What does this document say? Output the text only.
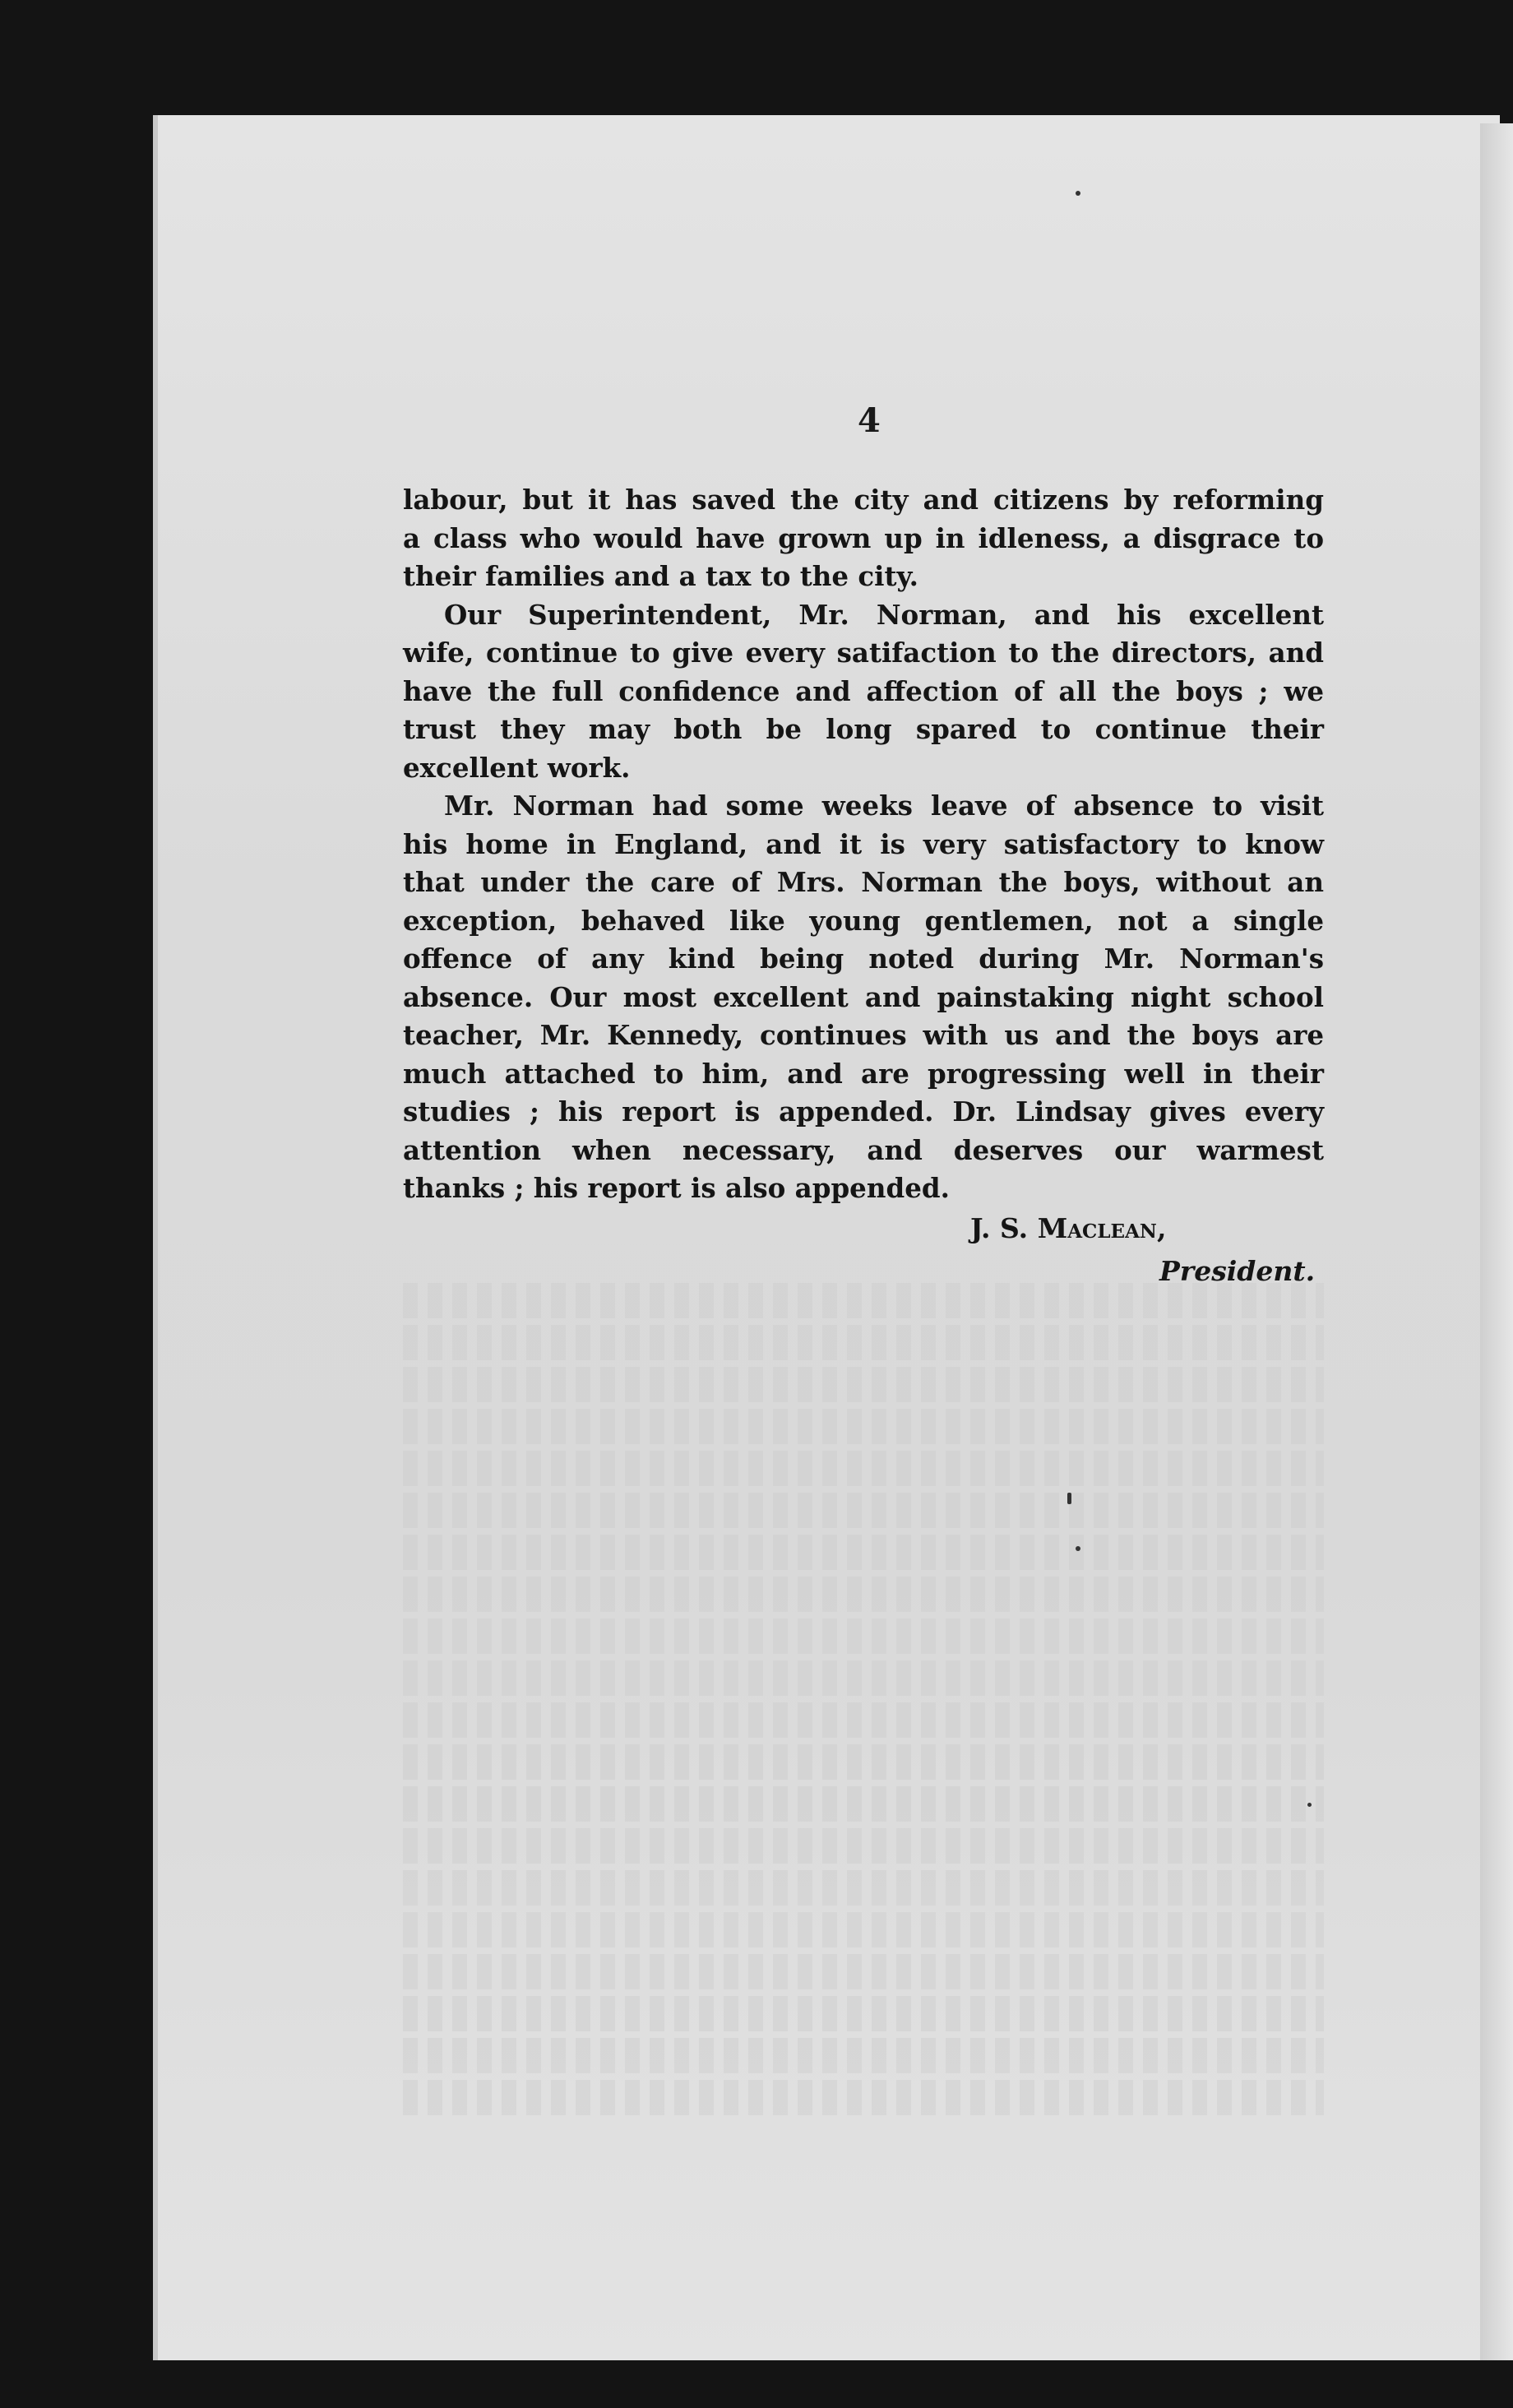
4
labour, but it has saved the city and citizens by reforming
a class who would have grown up in idleness, a disgrace to
their families and a tax to the city.
Our Superintendent, Mr. Norman, and his excellent
wife, continue to give every satifaction to the directors, and
have the full confidence and affection of all the boys ; we
trust they may both be long spared to continue their
excellent work.
Mr. Norman had some weeks leave of absence to visit
his home in England, and it is very satisfactory to know
that under the care of Mrs. Norman the boys, without an
exception, behaved like young gentlemen, not a single
offence of any kind being noted during Mr. Norman's
absence. Our most excellent and painstaking night school
teacher, Mr. Kennedy, continues with us and the boys are
much attached to him, and are progressing well in their
studies ; his report is appended. Dr. Lindsay gives every
attention when necessary, and deserves our warmest
thanks ; his report is also appended.
J. S. Maclean,
President.
